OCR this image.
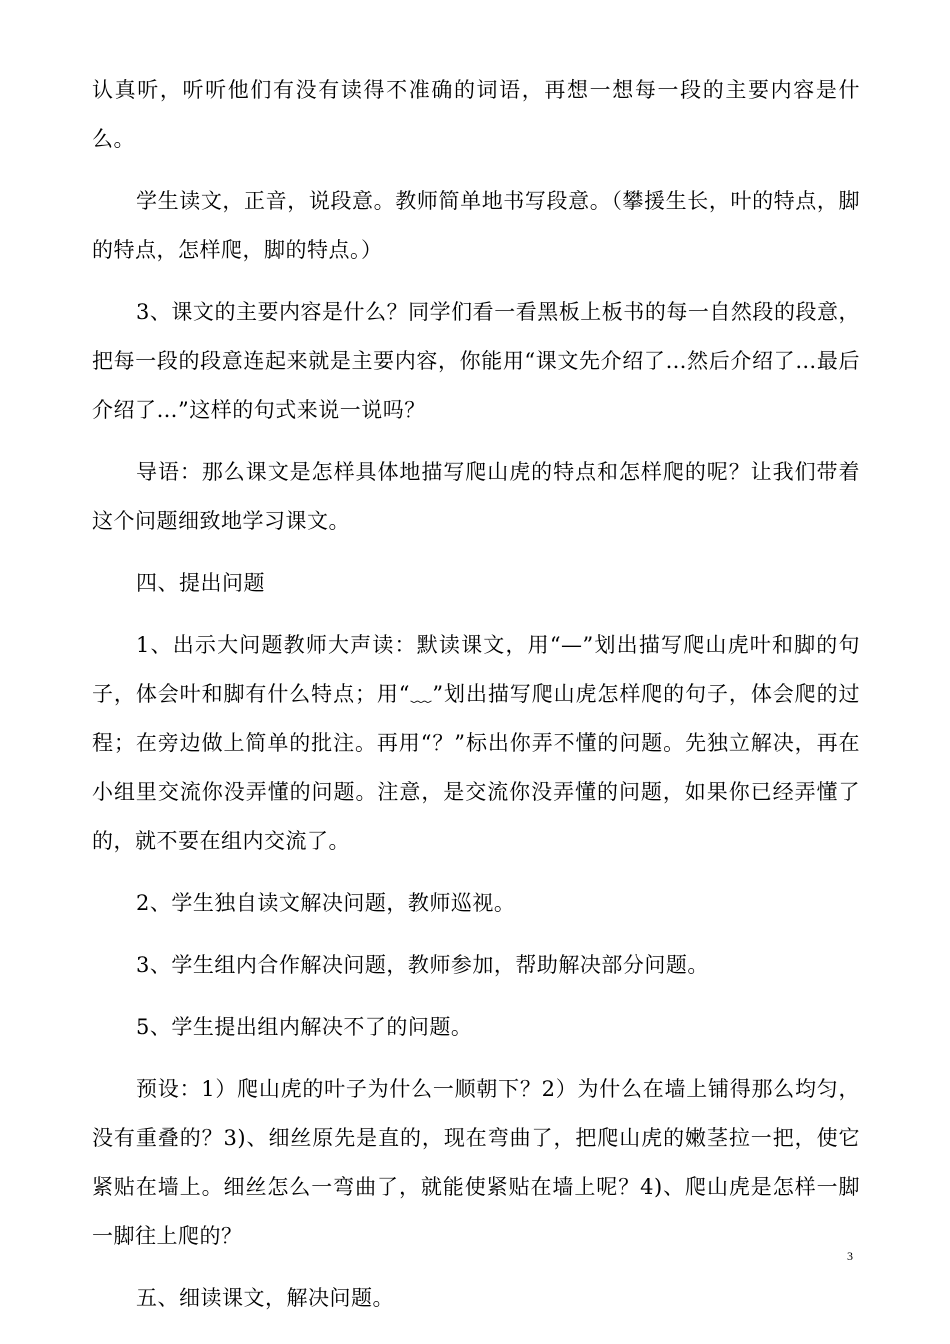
认真听，听听他们有没有读得不准确的词语，再想一想每一段的主要内容是什么。

学生读文，正音，说段意。教师简单地书写段意。（攀援生长，叶的特点，脚的特点，怎样爬，脚的特点。）

3、课文的主要内容是什么？同学们看一看黑板上板书的每一自然段的段意，把每一段的段意连起来就是主要内容，你能用“课文先介绍了…然后介绍了…最后介绍了…”这样的句式来说一说吗？

导语：那么课文是怎样具体地描写爬山虎的特点和怎样爬的呢？让我们带着这个问题细致地学习课文。

四、提出问题

1、出示大问题教师大声读：默读课文，用“—”划出描写爬山虎叶和脚的句子，体会叶和脚有什么特点；用“﹏”划出描写爬山虎怎样爬的句子，体会爬的过程；在旁边做上简单的批注。再用“？”标出你弄不懂的问题。先独立解决，再在小组里交流你没弄懂的问题。注意，是交流你没弄懂的问题，如果你已经弄懂了的，就不要在组内交流了。

2、学生独自读文解决问题，教师巡视。

3、学生组内合作解决问题，教师参加，帮助解决部分问题。

5、学生提出组内解决不了的问题。

预设：1）爬山虎的叶子为什么一顺朝下？2）为什么在墙上铺得那么均匀，没有重叠的？3)、细丝原先是直的，现在弯曲了，把爬山虎的嫩茎拉一把，使它紧贴在墙上。细丝怎么一弯曲了，就能使紧贴在墙上呢？4)、爬山虎是怎样一脚一脚往上爬的？

五、细读课文，解决问题。

3
